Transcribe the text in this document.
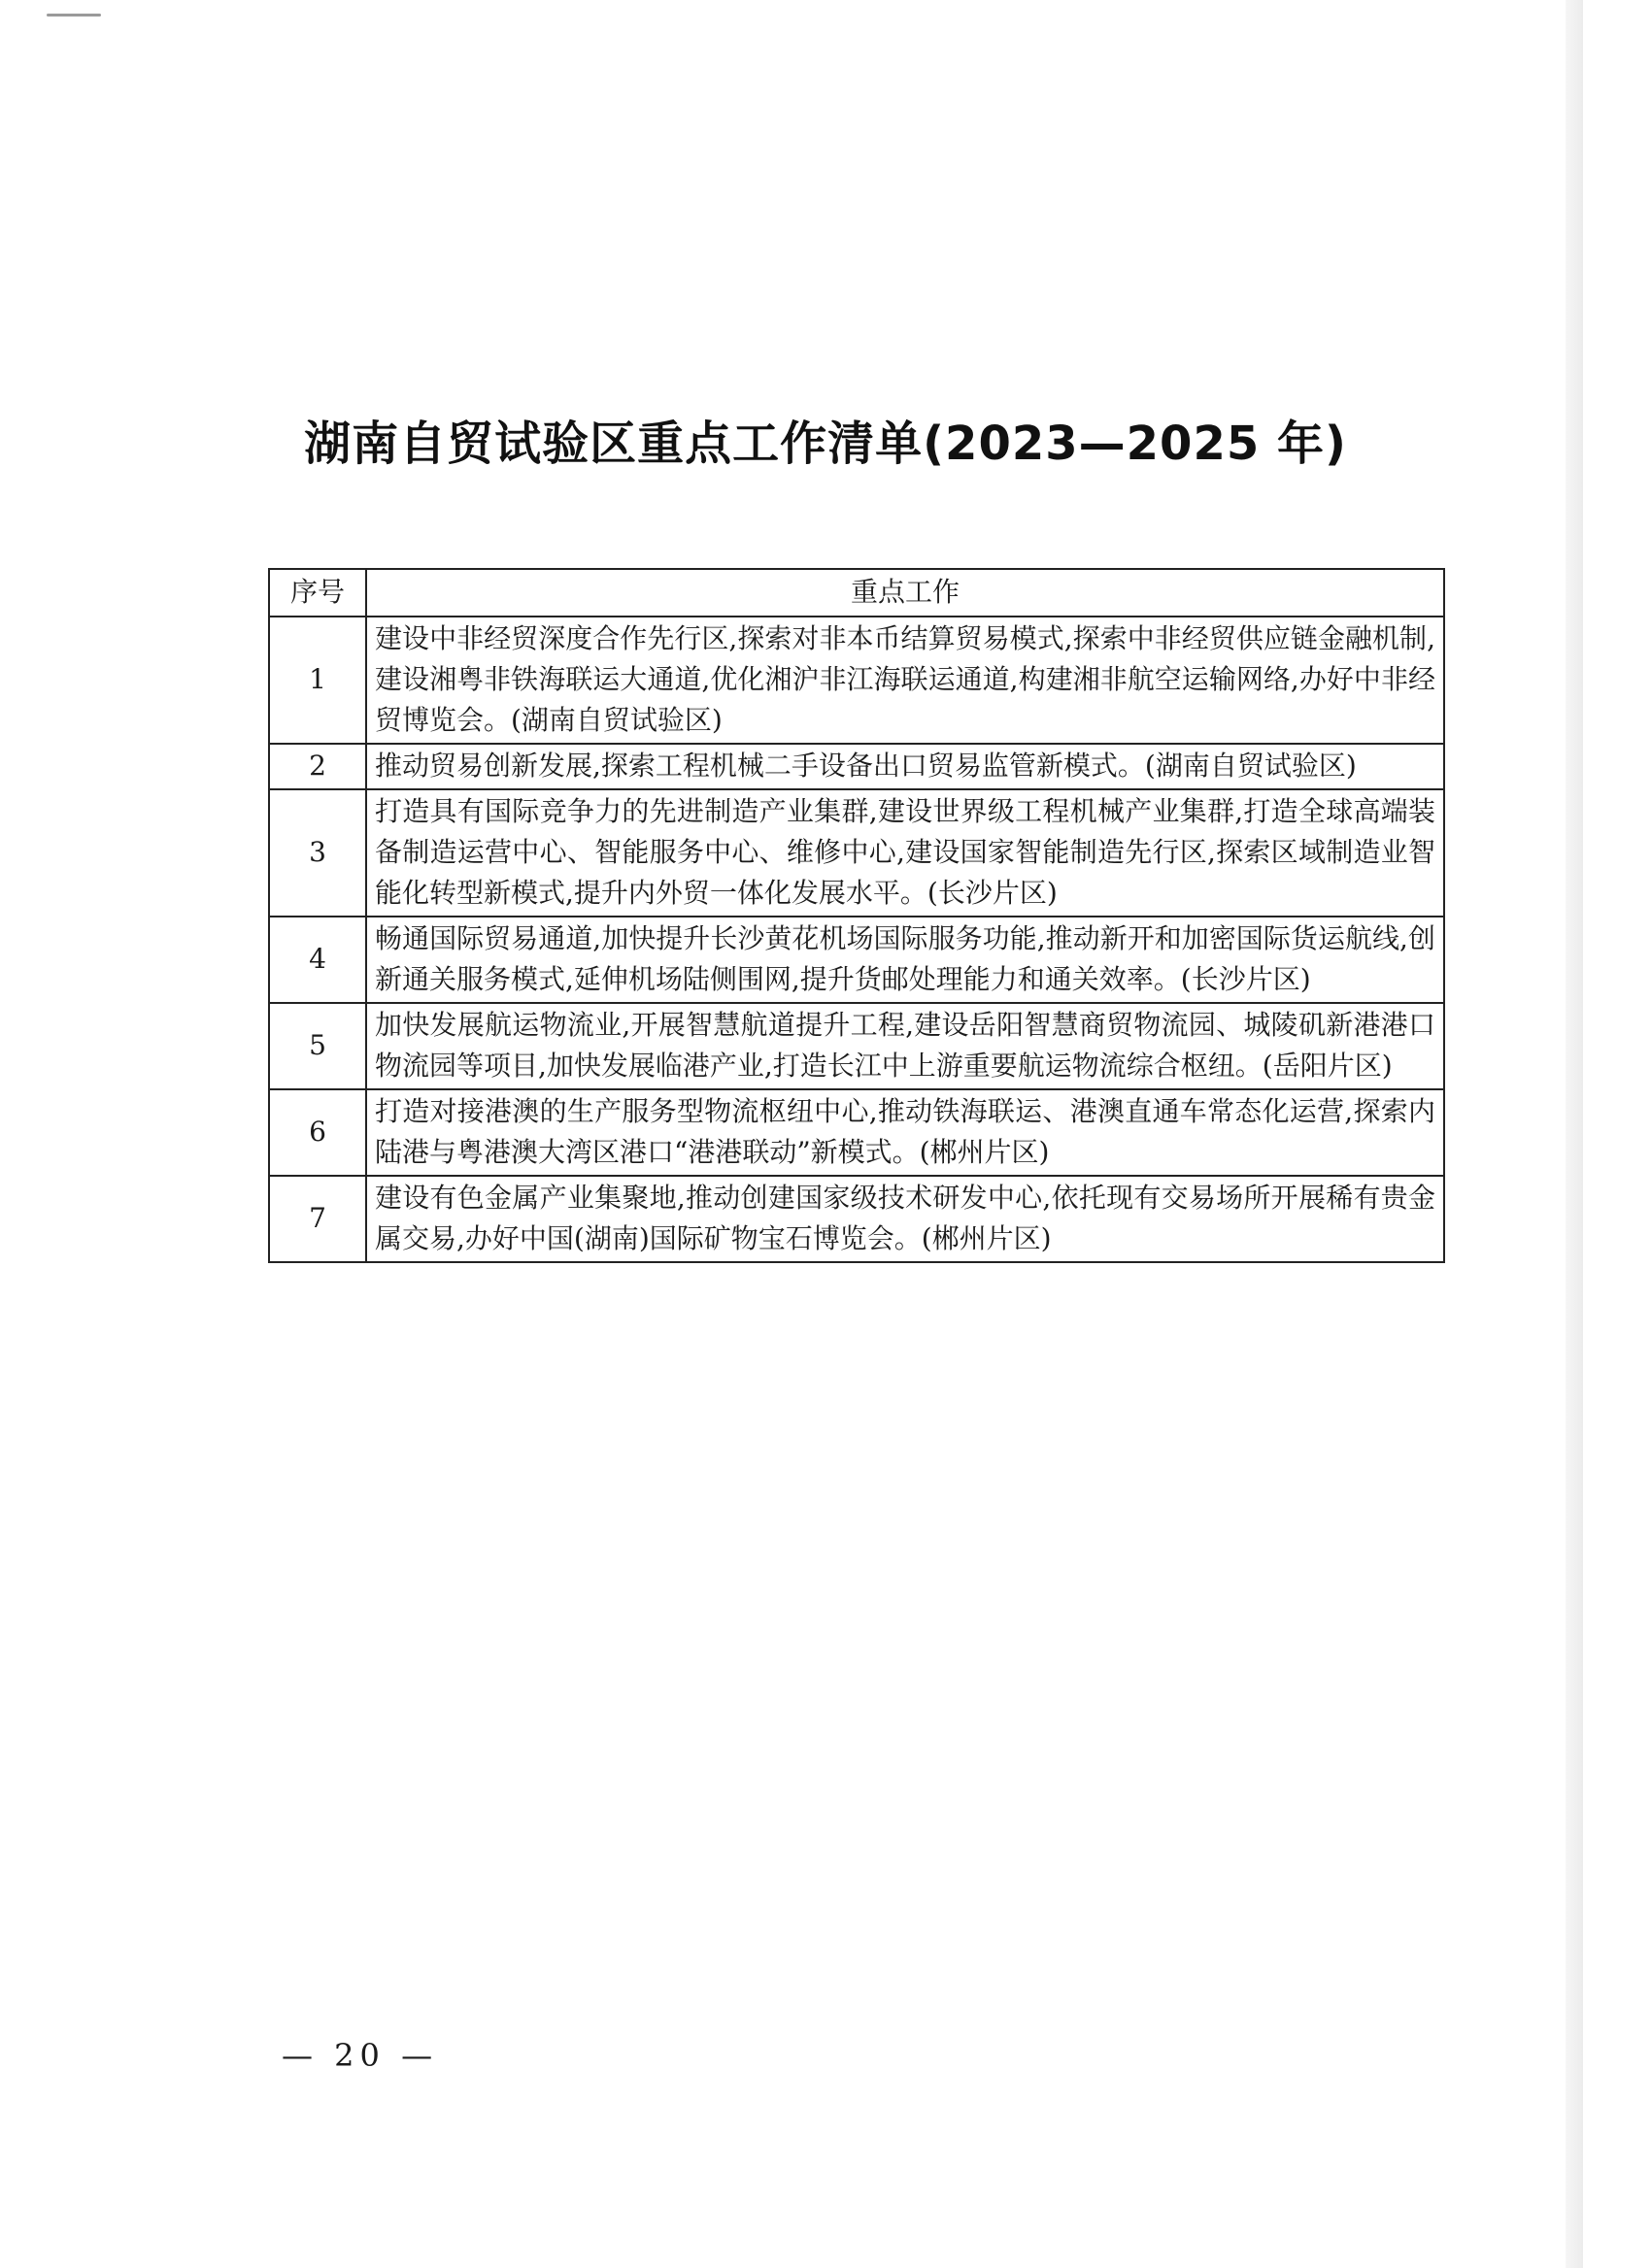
湖南自贸试验区重点工作清单(2023—2025 年)
序号	重点工作
1	建设中非经贸深度合作先行区,探索对非本币结算贸易模式,探索中非经贸供应链金融机制,建设湘粤非铁海联运大通道,优化湘沪非江海联运通道,构建湘非航空运输网络,办好中非经贸博览会。(湖南自贸试验区)
2	推动贸易创新发展,探索工程机械二手设备出口贸易监管新模式。(湖南自贸试验区)
3	打造具有国际竞争力的先进制造产业集群,建设世界级工程机械产业集群,打造全球高端装备制造运营中心、智能服务中心、维修中心,建设国家智能制造先行区,探索区域制造业智能化转型新模式,提升内外贸一体化发展水平。(长沙片区)
4	畅通国际贸易通道,加快提升长沙黄花机场国际服务功能,推动新开和加密国际货运航线,创新通关服务模式,延伸机场陆侧围网,提升货邮处理能力和通关效率。(长沙片区)
5	加快发展航运物流业,开展智慧航道提升工程,建设岳阳智慧商贸物流园、城陵矶新港港口物流园等项目,加快发展临港产业,打造长江中上游重要航运物流综合枢纽。(岳阳片区)
6	打造对接港澳的生产服务型物流枢纽中心,推动铁海联运、港澳直通车常态化运营,探索内陆港与粤港澳大湾区港口“港港联动”新模式。(郴州片区)
7	建设有色金属产业集聚地,推动创建国家级技术研发中心,依托现有交易场所开展稀有贵金属交易,办好中国(湖南)国际矿物宝石博览会。(郴州片区)
— 20 —
